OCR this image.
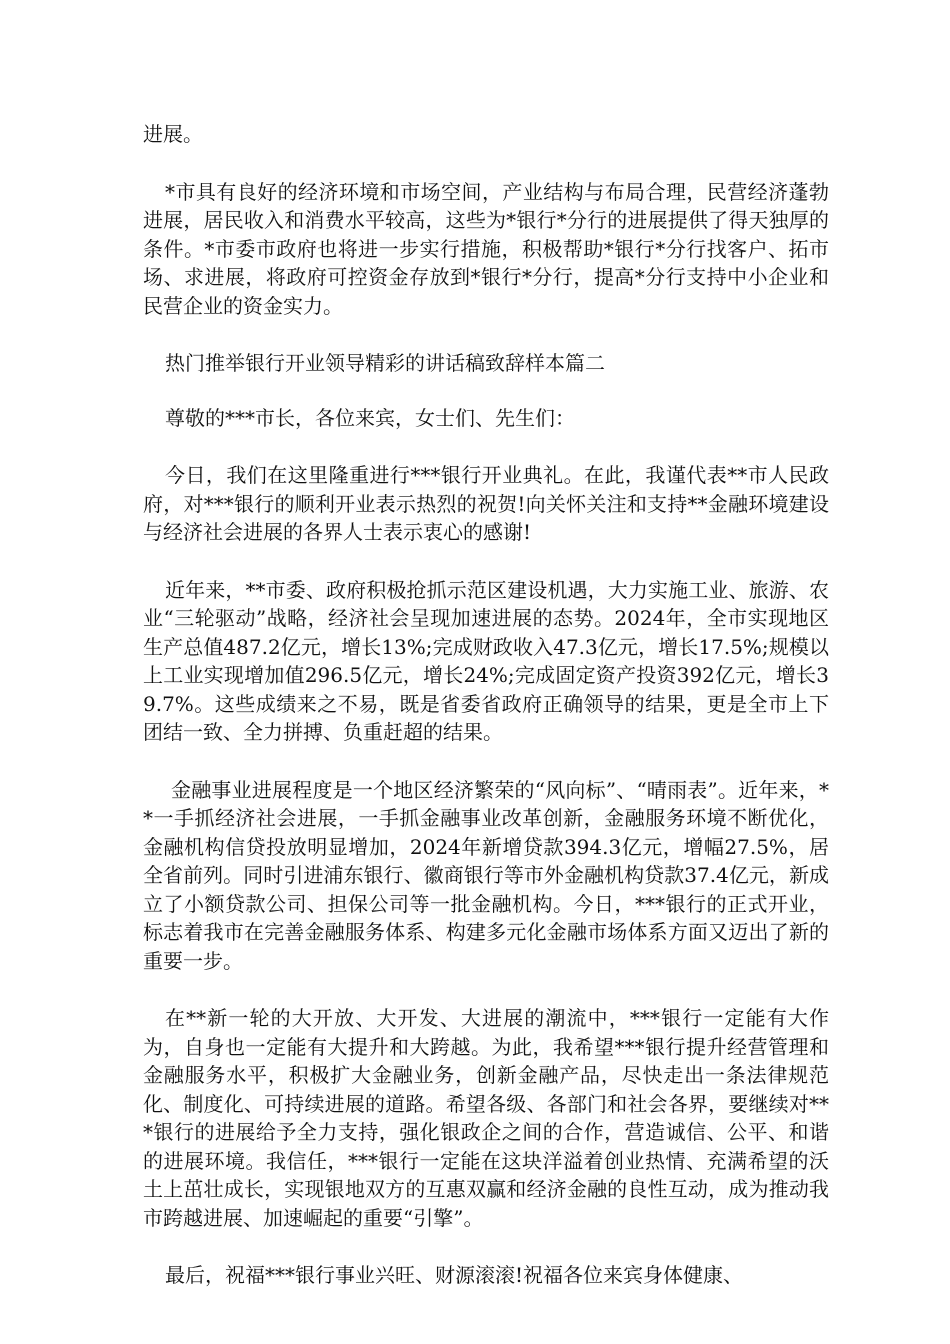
进展。

*市具有良好的经济环境和市场空间，产业结构与布局合理，民营经济蓬勃进展，居民收入和消费水平较高，这些为*银行*分行的进展提供了得天独厚的条件。*市委市政府也将进一步实行措施，积极帮助*银行*分行找客户、拓市场、求进展，将政府可控资金存放到*银行*分行，提高*分行支持中小企业和民营企业的资金实力。

热门推举银行开业领导精彩的讲话稿致辞样本篇二

尊敬的***市长，各位来宾，女士们、先生们：

今日，我们在这里隆重进行***银行开业典礼。在此，我谨代表**市人民政府，对***银行的顺利开业表示热烈的祝贺!向关怀关注和支持**金融环境建设与经济社会进展的各界人士表示衷心的感谢!

近年来，**市委、政府积极抢抓示范区建设机遇，大力实施工业、旅游、农业“三轮驱动”战略，经济社会呈现加速进展的态势。2024年，全市实现地区生产总值487.2亿元，增长13%;完成财政收入47.3亿元，增长17.5%;规模以上工业实现增加值296.5亿元，增长24%;完成固定资产投资392亿元，增长39.7%。这些成绩来之不易，既是省委省政府正确领导的结果，更是全市上下团结一致、全力拼搏、负重赶超的结果。

金融事业进展程度是一个地区经济繁荣的“风向标”、“晴雨表”。近年来，**一手抓经济社会进展，一手抓金融事业改革创新，金融服务环境不断优化，金融机构信贷投放明显增加，2024年新增贷款394.3亿元，增幅27.5%，居全省前列。同时引进浦东银行、徽商银行等市外金融机构贷款37.4亿元，新成立了小额贷款公司、担保公司等一批金融机构。今日，***银行的正式开业，标志着我市在完善金融服务体系、构建多元化金融市场体系方面又迈出了新的重要一步。

在**新一轮的大开放、大开发、大进展的潮流中，***银行一定能有大作为，自身也一定能有大提升和大跨越。为此，我希望***银行提升经营管理和金融服务水平，积极扩大金融业务，创新金融产品，尽快走出一条法律规范化、制度化、可持续进展的道路。希望各级、各部门和社会各界，要继续对***银行的进展给予全力支持，强化银政企之间的合作，营造诚信、公平、和谐的进展环境。我信任，***银行一定能在这块洋溢着创业热情、充满希望的沃土上茁壮成长，实现银地双方的互惠双赢和经济金融的良性互动，成为推动我市跨越进展、加速崛起的重要“引擎”。

最后，祝福***银行事业兴旺、财源滚滚!祝福各位来宾身体健康、
